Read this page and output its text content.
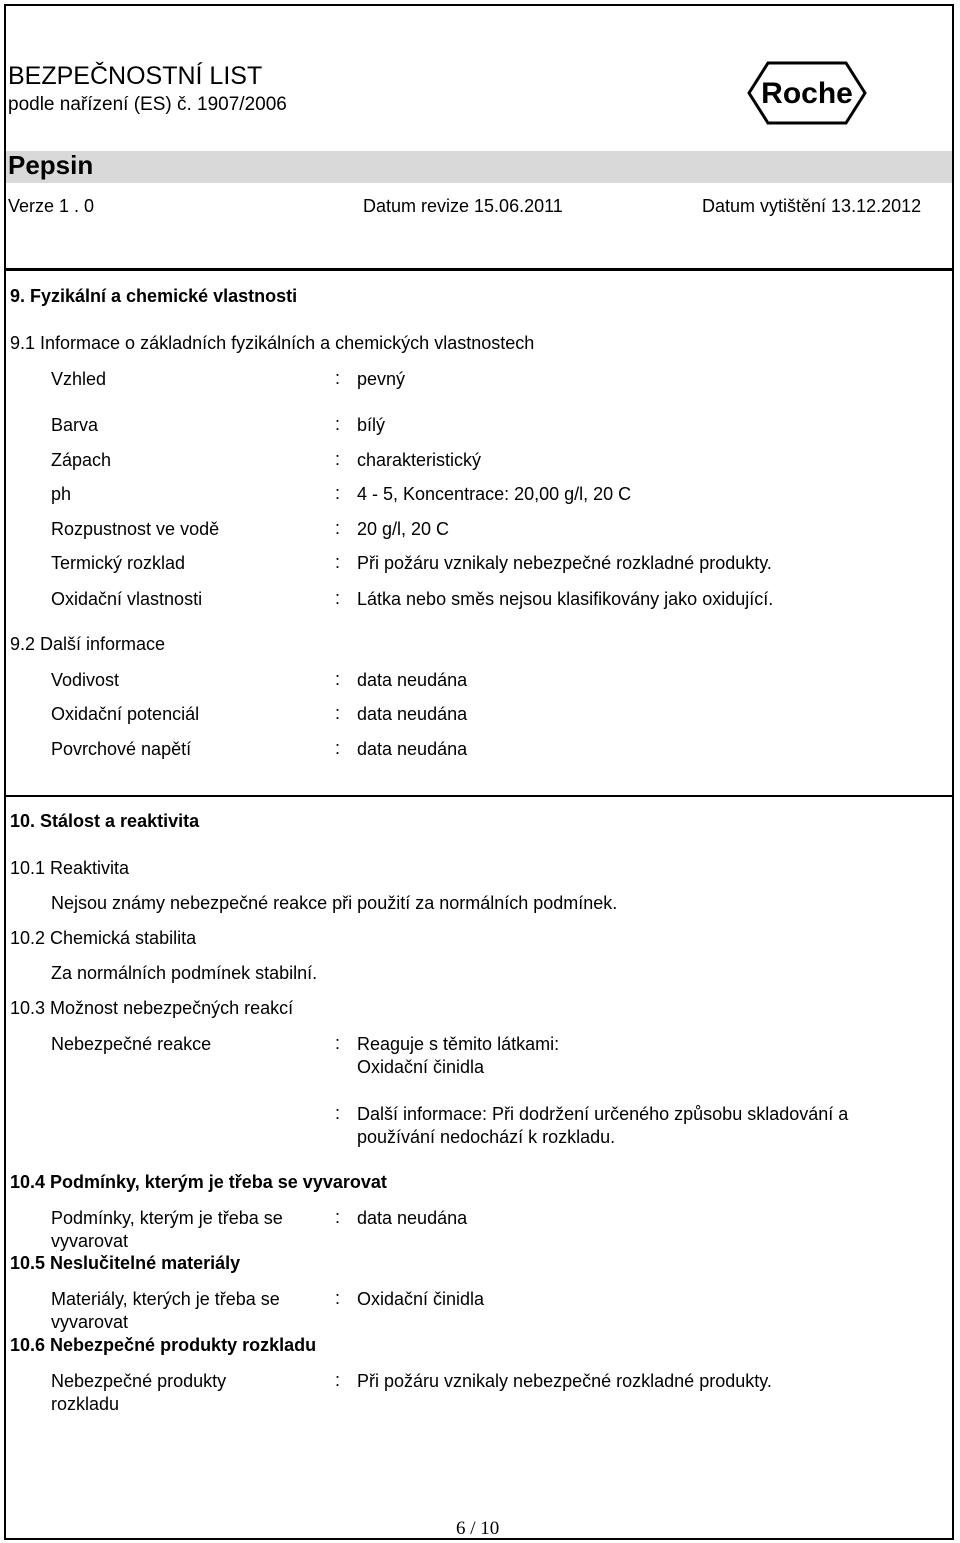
BEZPEČNOSTNÍ LIST
podle nařízení (ES) č. 1907/2006	Roche
Pepsin
Verze 1 . 0	Datum revize 15.06.2011	Datum vytištění 13.12.2012
9. Fyzikální a chemické vlastnosti
9.1 Informace o základních fyzikálních a chemických vlastnostech
Vzhled	: pevný
Barva	: bílý
Zápach	: charakteristický
ph	: 4 - 5, Koncentrace: 20,00 g/l, 20 C
Rozpustnost ve vodě	: 20 g/l, 20 C
Termický rozklad	: Při požáru vznikaly nebezpečné rozkladné produkty.
Oxidační vlastnosti	: Látka nebo směs nejsou klasifikovány jako oxidující.
9.2 Další informace
Vodivost	: data neudána
Oxidační potenciál	: data neudána
Povrchové napětí	: data neudána
10. Stálost a reaktivita
10.1 Reaktivita
Nejsou známy nebezpečné reakce při použití za normálních podmínek.
10.2 Chemická stabilita
Za normálních podmínek stabilní.
10.3 Možnost nebezpečných reakcí
Nebezpečné reakce	: Reaguje s těmito látkami:
Oxidační činidla
: Další informace: Při dodržení určeného způsobu skladování a
používání nedochází k rozkladu.
10.4 Podmínky, kterým je třeba se vyvarovat
Podmínky, kterým je třeba se
vyvarovat
: data neudána
10.5 Neslučitelné materiály
Materiály, kterých je třeba se
vyvarovat
: Oxidační činidla
10.6 Nebezpečné produkty rozkladu
Nebezpečné produkty
rozkladu
: Při požáru vznikaly nebezpečné rozkladné produkty.
6 / 10
